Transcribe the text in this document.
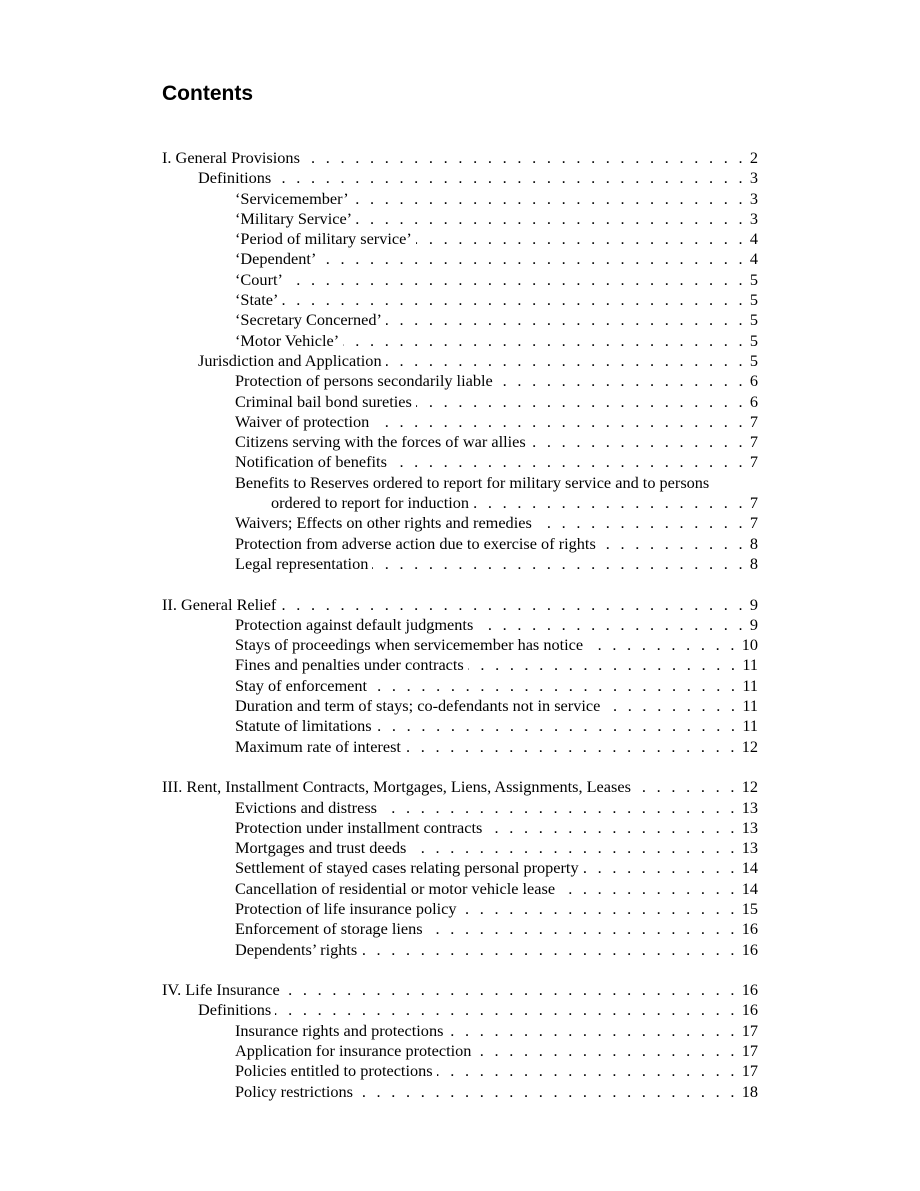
Contents
I. General Provisions . . .	2
Definitions . . .	3
‘Servicemember’ . . .	3
‘Military Service’ . . .	3
‘Period of military service’ . . .	4
‘Dependent’ . . .	4
‘Court’ . . .	5
‘State’ . . .	5
‘Secretary Concerned’ . . .	5
‘Motor Vehicle’ . . .	5
Jurisdiction and Application . . .	5
Protection of persons secondarily liable . . .	6
Criminal bail bond sureties . . .	6
Waiver of protection . . .	7
Citizens serving with the forces of war allies . . .	7
Notification of benefits . . .	7
Benefits to Reserves ordered to report for military service and to persons
ordered to report for induction . . .	7
Waivers; Effects on other rights and remedies . . .	7
Protection from adverse action due to exercise of rights . . .	8
Legal representation . . .	8
II. General Relief . . .	9
Protection against default judgments . . .	9
Stays of proceedings when servicemember has notice . . .	10
Fines and penalties under contracts . . .	11
Stay of enforcement . . .	11
Duration and term of stays; co-defendants not in service . . .	11
Statute of limitations . . .	11
Maximum rate of interest . . .	12
III. Rent, Installment Contracts, Mortgages, Liens, Assignments, Leases . . .	12
Evictions and distress . . .	13
Protection under installment contracts . . .	13
Mortgages and trust deeds . . .	13
Settlement of stayed cases relating personal property . . .	14
Cancellation of residential or motor vehicle lease . . .	14
Protection of life insurance policy . . .	15
Enforcement of storage liens . . .	16
Dependents’ rights . . .	16
IV. Life Insurance . . .	16
Definitions . . .	16
Insurance rights and protections . . .	17
Application for insurance protection . . .	17
Policies entitled to protections . . .	17
Policy restrictions . . .	18
